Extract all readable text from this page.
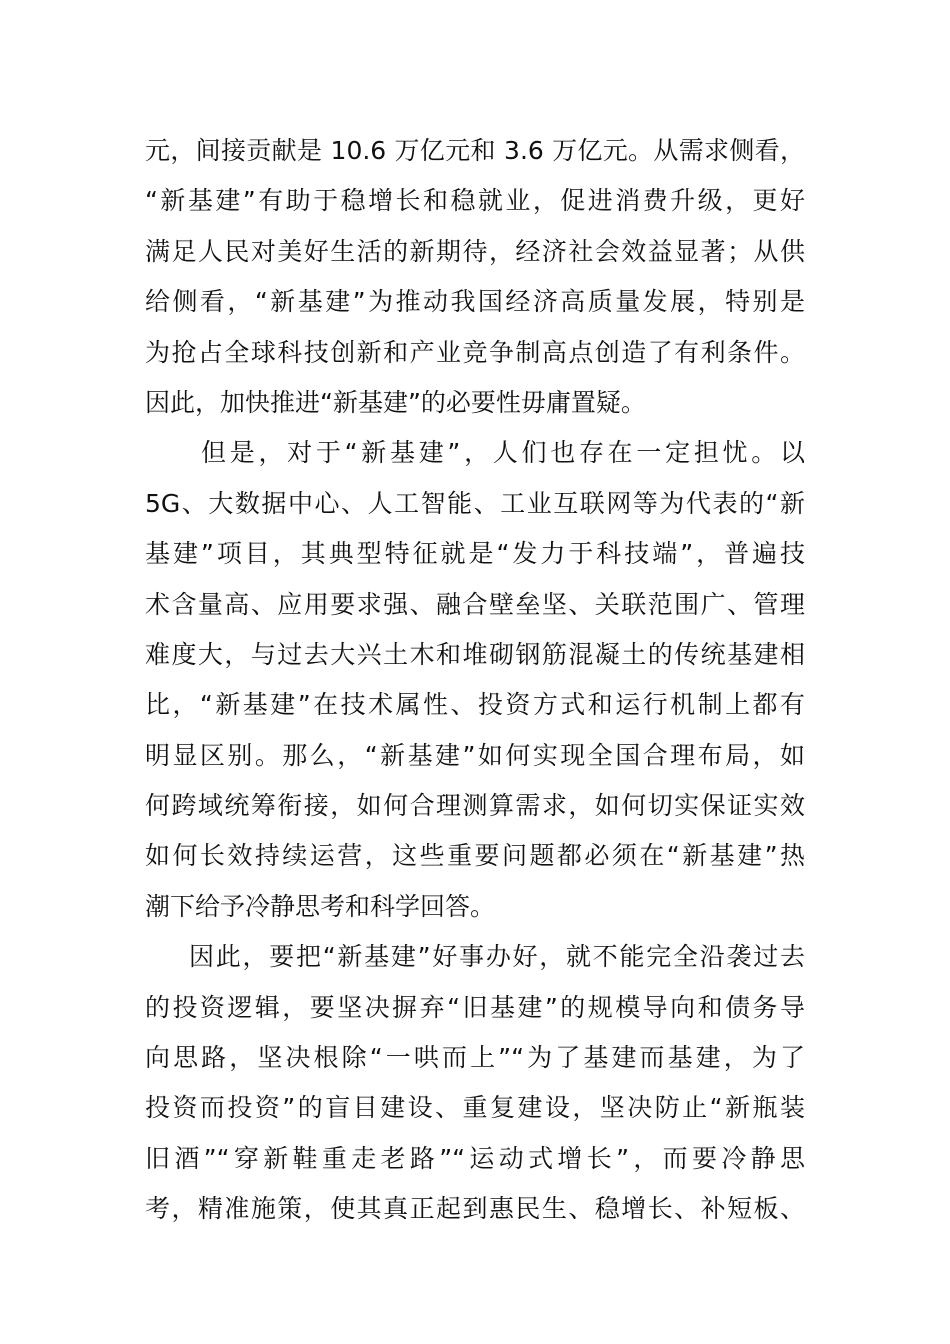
元，间接贡献是 10.6 万亿元和 3.6 万亿元。从需求侧看，
“新基建”有助于稳增长和稳就业，促进消费升级，更好
满足人民对美好生活的新期待，经济社会效益显著；从供
给侧看，“新基建”为推动我国经济高质量发展，特别是
为抢占全球科技创新和产业竞争制高点创造了有利条件。
因此，加快推进“新基建”的必要性毋庸置疑。
但是，对于“新基建”，人们也存在一定担忧。以
5G、大数据中心、人工智能、工业互联网等为代表的“新
基建”项目，其典型特征就是“发力于科技端”，普遍技
术含量高、应用要求强、融合壁垒坚、关联范围广、管理
难度大，与过去大兴土木和堆砌钢筋混凝土的传统基建相
比，“新基建”在技术属性、投资方式和运行机制上都有
明显区别。那么，“新基建”如何实现全国合理布局，如
何跨域统筹衔接，如何合理测算需求，如何切实保证实效
如何长效持续运营，这些重要问题都必须在“新基建”热
潮下给予冷静思考和科学回答。
因此，要把“新基建”好事办好，就不能完全沿袭过去
的投资逻辑，要坚决摒弃“旧基建”的规模导向和债务导
向思路，坚决根除“一哄而上”“为了基建而基建，为了
投资而投资”的盲目建设、重复建设，坚决防止“新瓶装
旧酒”“穿新鞋重走老路”“运动式增长”，而要冷静思
考，精准施策，使其真正起到惠民生、稳增长、补短板、
